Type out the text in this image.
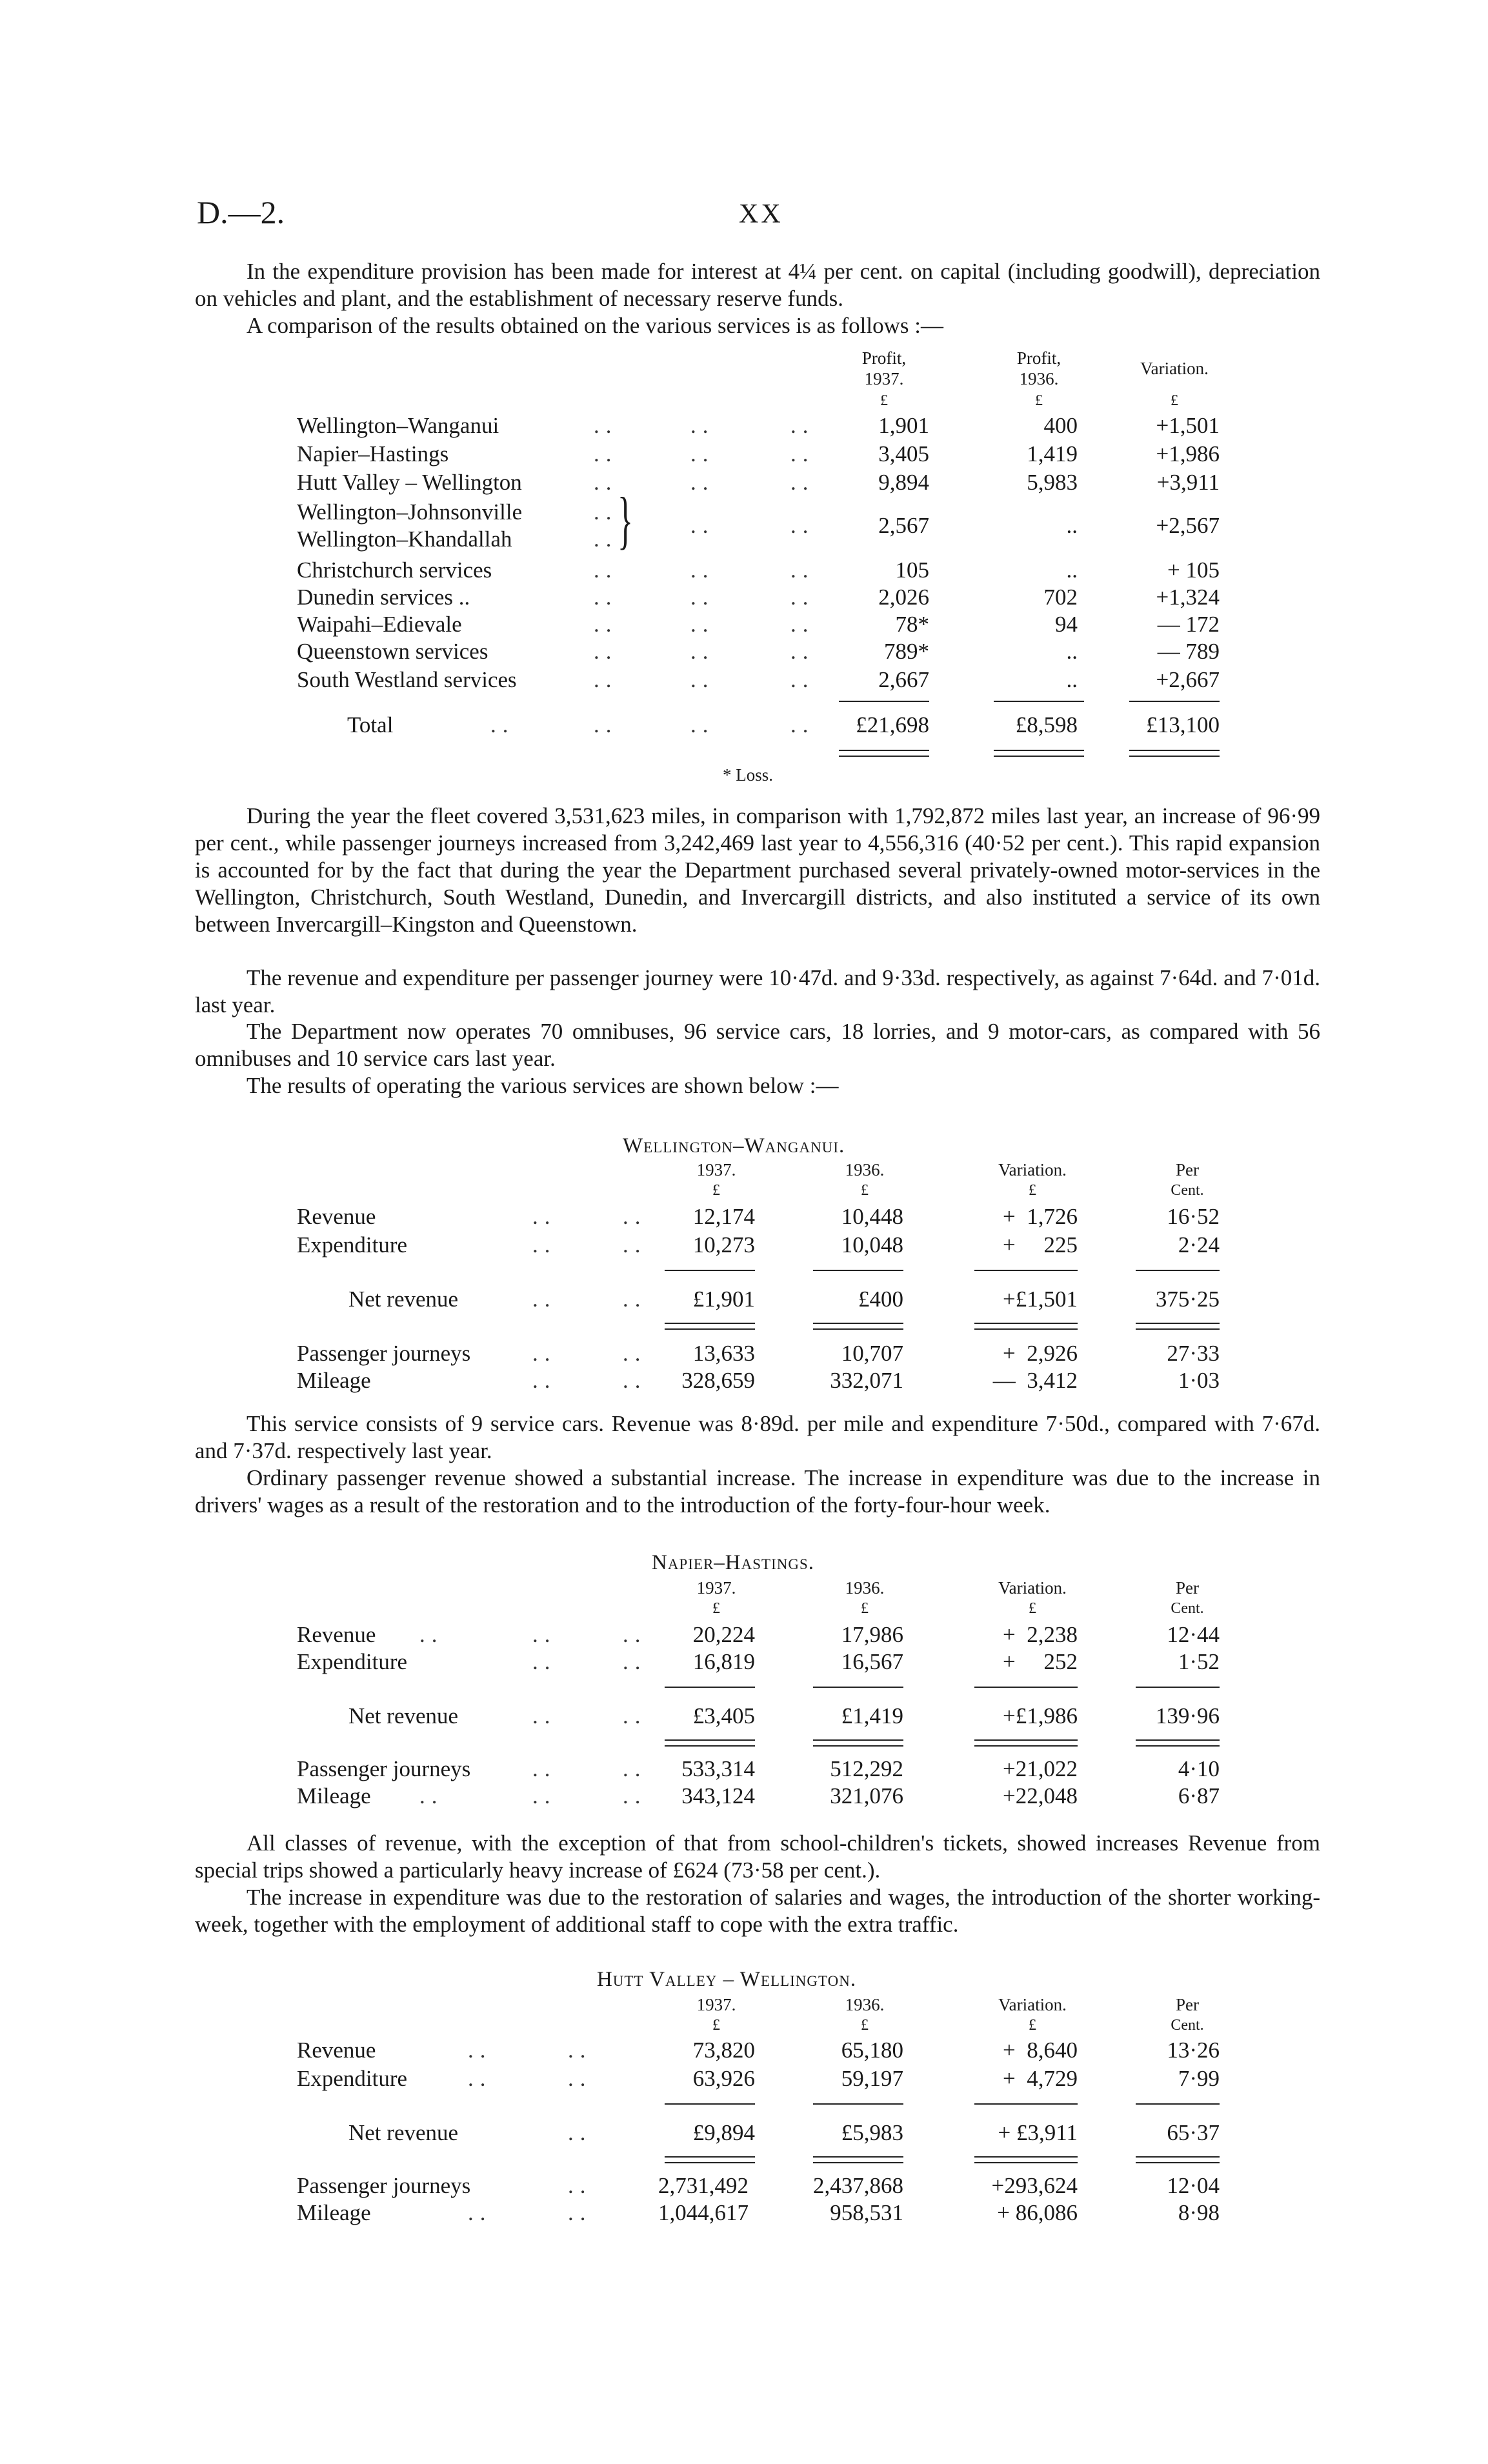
D.—2.	XX
In the expenditure provision has been made for interest at 4¼ per cent. on capital (including goodwill), depreciation on vehicles and plant, and the establishment of necessary reserve funds.
A comparison of the results obtained on the various services is as follows :—
Profit,	Profit,
1937.	1936.
Variation.
£	£	£
Wellington–Wanganui	..	..	..	1,901	400	+1,501
Napier–Hastings	..	..	..	3,405	1,419	+1,986
Hutt Valley – Wellington	..	..	..	9,894	5,983	+3,911
Wellington–Johnsonville	..
Wellington–Khandallah	.. }	..	..	2,567	..	+2,567
Christchurch services	..	..	..	105	..	+ 105
Dunedin services ..	..	..	..	2,026	702	+1,324
Waipahi–Edievale	..	..	..	78*	94	— 172
Queenstown services	..	..	..	789*	..	— 789
South Westland services	..	..	..	2,667	..	+2,667
Total	..	..	..	..	£21,698	£8,598	£13,100
* Loss.
During the year the fleet covered 3,531,623 miles, in comparison with 1,792,872 miles last year, an increase of 96·99 per cent., while passenger journeys increased from 3,242,469 last year to 4,556,316 (40·52 per cent.). This rapid expansion is accounted for by the fact that during the year the Department purchased several privately-owned motor-services in the Wellington, Christchurch, South Westland, Dunedin, and Invercargill districts, and also instituted a service of its own between Invercargill–Kingston and Queenstown.
The revenue and expenditure per passenger journey were 10·47d. and 9·33d. respectively, as against 7·64d. and 7·01d. last year.
The Department now operates 70 omnibuses, 96 service cars, 18 lorries, and 9 motor-cars, as compared with 56 omnibuses and 10 service cars last year.
The results of operating the various services are shown below :—
Wellington–Wanganui.
1937.	1936.	Variation.	Per
£	£	£	Cent.
Revenue	..	..	12,174	10,448	+  1,726	16·52
Expenditure	..	..	10,273	10,048	+     225	2·24
Net revenue	..	..	£1,901	£400	+£1,501	375·25
Passenger journeys	..	..	13,633	10,707	+  2,926	27·33
Mileage	..	..	328,659	332,071	—  3,412	1·03
This service consists of 9 service cars. Revenue was 8·89d. per mile and expenditure 7·50d., compared with 7·67d. and 7·37d. respectively last year.
Ordinary passenger revenue showed a substantial increase. The increase in expenditure was due to the increase in drivers' wages as a result of the restoration and to the introduction of the forty-four-hour week.
Napier–Hastings.
1937.	1936.	Variation.	Per
£	£	£	Cent.
Revenue ..	..	..	20,224	17,986	+  2,238	12·44
Expenditure	..	..	16,819	16,567	+     252	1·52
Net revenue	..	..	£3,405	£1,419	+£1,986	139·96
Passenger journeys	..	..	533,314	512,292	+21,022	4·10
Mileage ..	..	..	343,124	321,076	+22,048	6·87
All classes of revenue, with the exception of that from school-children's tickets, showed increases Revenue from special trips showed a particularly heavy increase of £624 (73·58 per cent.).
The increase in expenditure was due to the restoration of salaries and wages, the introduction of the shorter working-week, together with the employment of additional staff to cope with the extra traffic.
Hutt Valley – Wellington.
1937.	1936.	Variation.	Per
£	£	£	Cent.
Revenue	..	..	73,820	65,180	+  8,640	13·26
Expenditure	..	..	63,926	59,197	+  4,729	7·99
Net revenue	..	£9,894	£5,983	+ £3,911	65·37
Passenger journeys	..	2,731,492	2,437,868	+293,624	12·04
Mileage	..	..	1,044,617	958,531	+ 86,086	8·98
